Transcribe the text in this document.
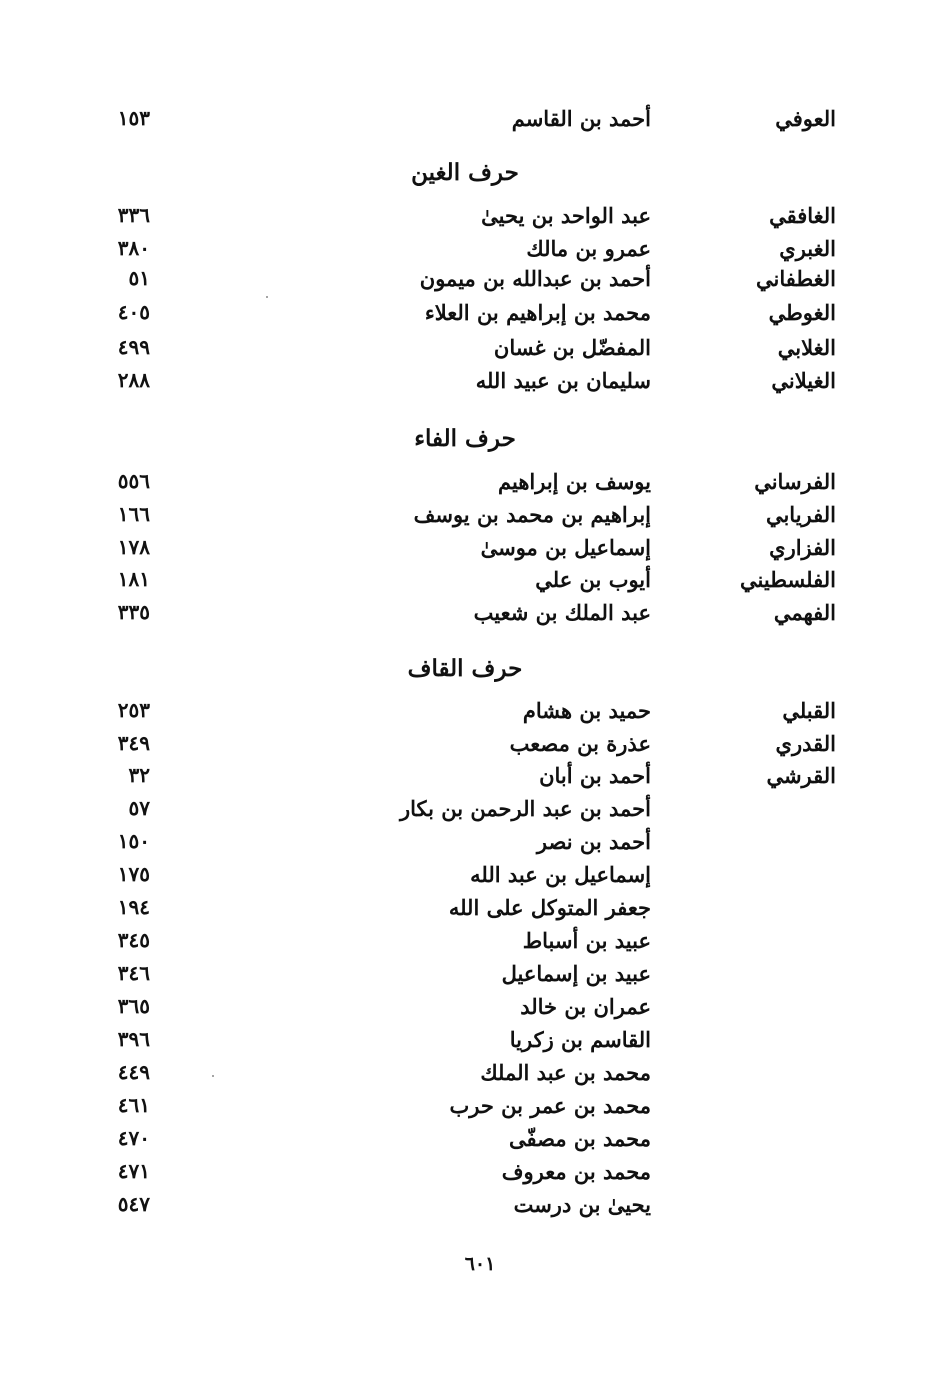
العوفي
أحمد بن القاسم
١٥٣
حرف الغين
الغافقي
عبد الواحد بن يحيىٰ
٣٣٦
الغبري
عمرو بن مالك
٣٨٠
الغطفاني
أحمد بن عبدالله بن ميمون
٥١
الغوطي
محمد بن إبراهيم بن العلاء
٤٠٥
الغلابي
المفضّل بن غسان
٤٩٩
الغيلاني
سليمان بن عبيد الله
٢٨٨
حرف الفاء
الفرساني
يوسف بن إبراهيم
٥٥٦
الفريابي
إبراهيم بن محمد بن يوسف
١٦٦
الفزاري
إسماعيل بن موسىٰ
١٧٨
الفلسطيني
أيوب بن علي
١٨١
الفهمي
عبد الملك بن شعيب
٣٣٥
حرف القاف
القبلي
حميد بن هشام
٢٥٣
القدري
عذرة بن مصعب
٣٤٩
القرشي
أحمد بن أبان
٣٢
أحمد بن عبد الرحمن بن بكار
٥٧
أحمد بن نصر
١٥٠
إسماعيل بن عبد الله
١٧٥
جعفر المتوكل على الله
١٩٤
عبيد بن أسباط
٣٤٥
عبيد بن إسماعيل
٣٤٦
عمران بن خالد
٣٦٥
القاسم بن زكريا
٣٩٦
محمد بن عبد الملك
٤٤٩
محمد بن عمر بن حرب
٤٦١
محمد بن مصفّى
٤٧٠
محمد بن معروف
٤٧١
يحيىٰ بن درست
٥٤٧
٦٠١
